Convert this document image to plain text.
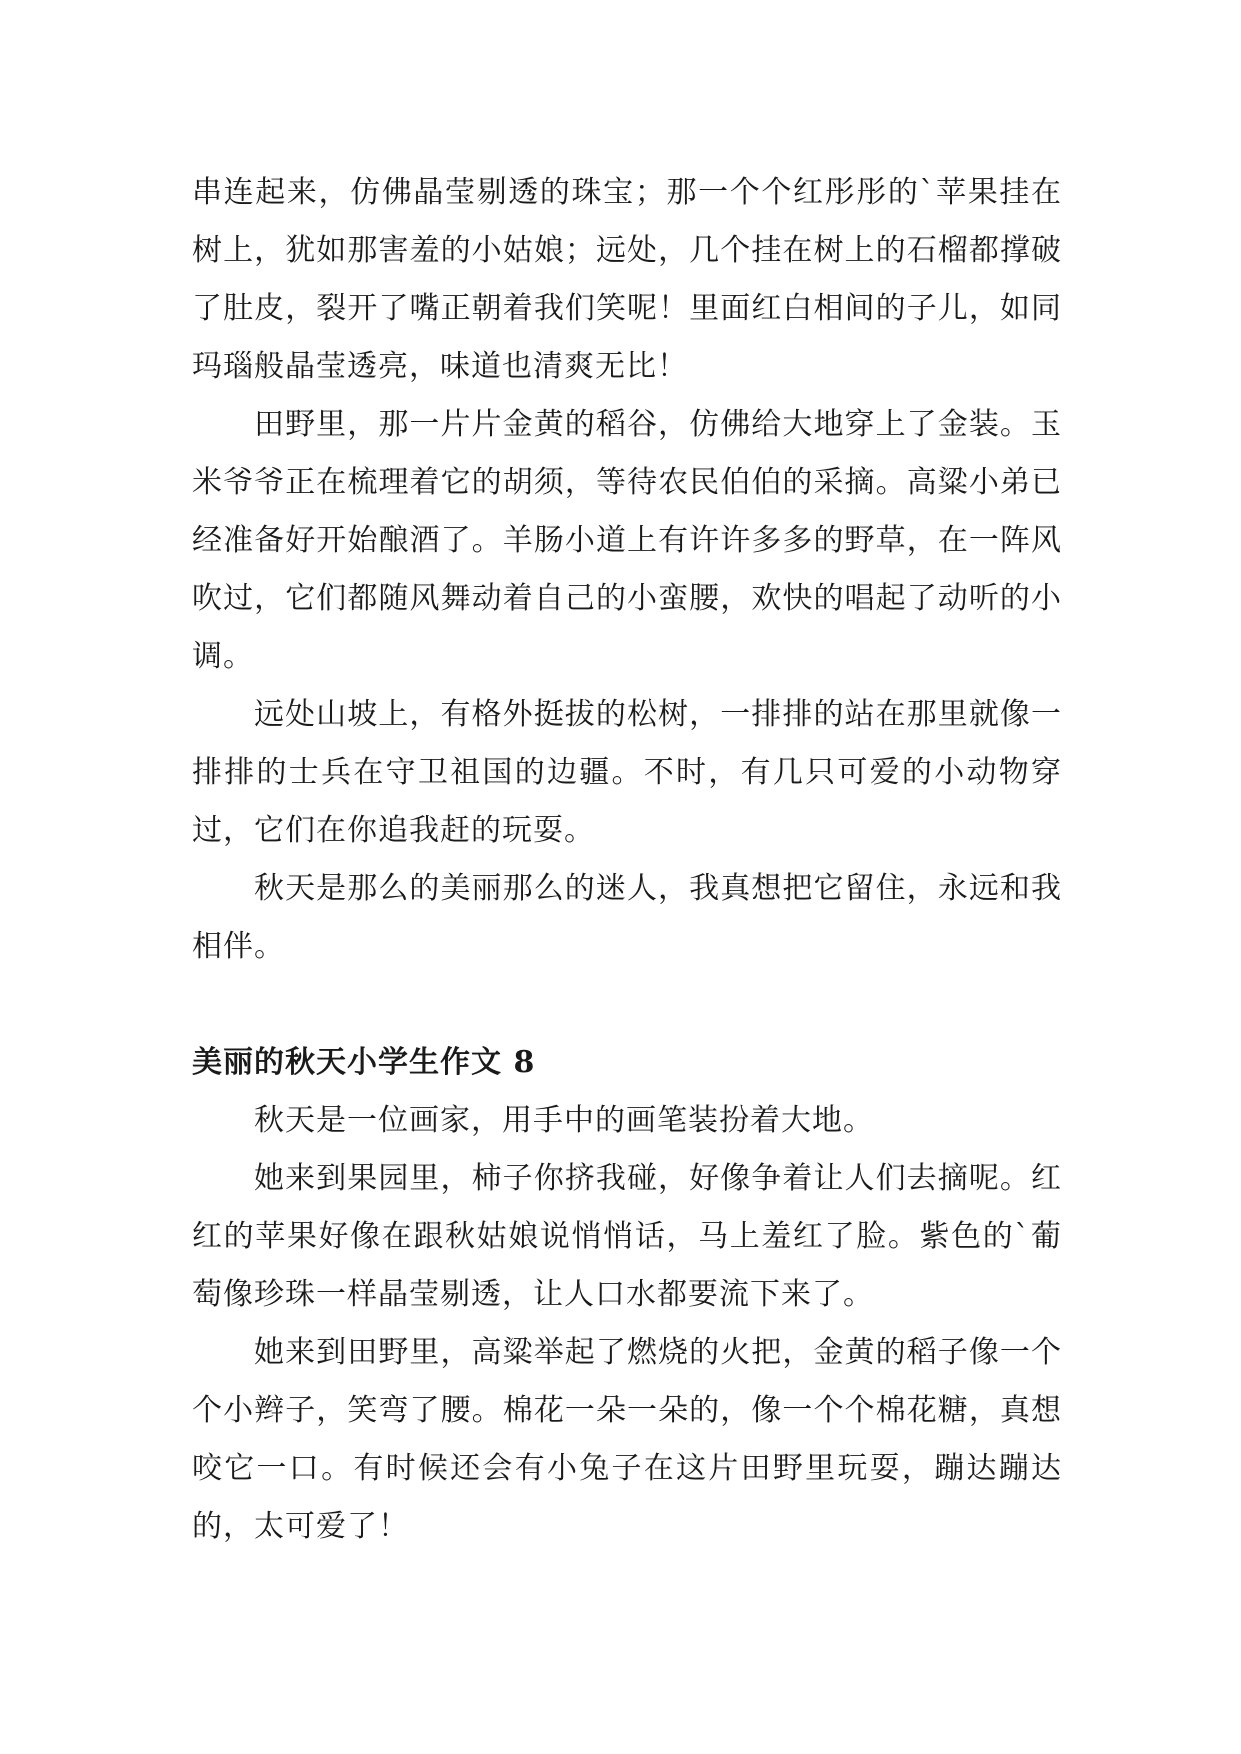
串连起来，仿佛晶莹剔透的珠宝；那一个个红彤彤的`苹果挂在树上，犹如那害羞的小姑娘；远处，几个挂在树上的石榴都撑破了肚皮，裂开了嘴正朝着我们笑呢！里面红白相间的子儿，如同玛瑙般晶莹透亮，味道也清爽无比！

田野里，那一片片金黄的稻谷，仿佛给大地穿上了金装。玉米爷爷正在梳理着它的胡须，等待农民伯伯的采摘。高粱小弟已经准备好开始酿酒了。羊肠小道上有许许多多的野草，在一阵风吹过，它们都随风舞动着自己的小蛮腰，欢快的唱起了动听的小调。

远处山坡上，有格外挺拔的松树，一排排的站在那里就像一排排的士兵在守卫祖国的边疆。不时，有几只可爱的小动物穿过，它们在你追我赶的玩耍。

秋天是那么的美丽那么的迷人，我真想把它留住，永远和我相伴。

美丽的秋天小学生作文 8

秋天是一位画家，用手中的画笔装扮着大地。

她来到果园里，柿子你挤我碰，好像争着让人们去摘呢。红红的苹果好像在跟秋姑娘说悄悄话，马上羞红了脸。紫色的`葡萄像珍珠一样晶莹剔透，让人口水都要流下来了。

她来到田野里，高粱举起了燃烧的火把，金黄的稻子像一个个小辫子，笑弯了腰。棉花一朵一朵的，像一个个棉花糖，真想咬它一口。有时候还会有小兔子在这片田野里玩耍，蹦达蹦达的，太可爱了！
